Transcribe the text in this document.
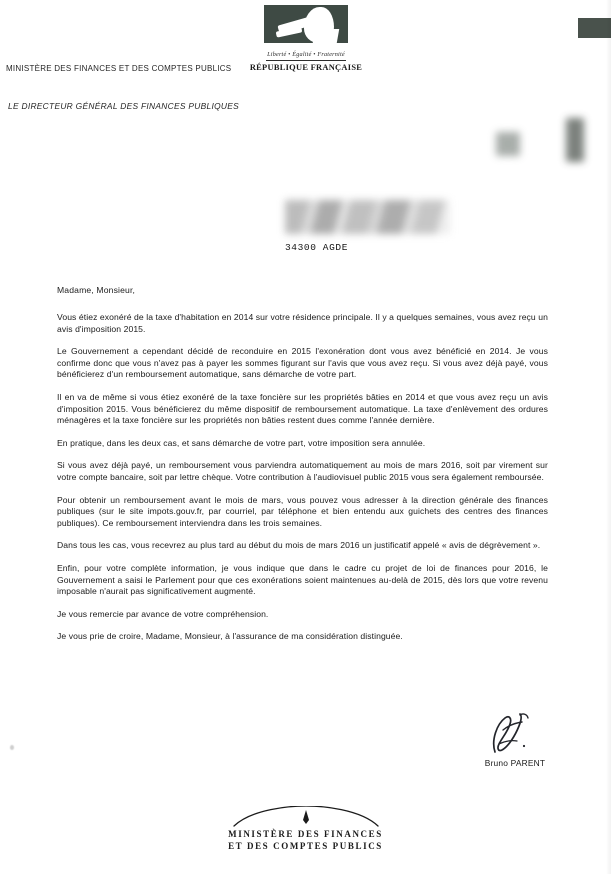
Liberté • Égalité • Fraternité
RÉPUBLIQUE FRANÇAISE
MINISTÈRE DES FINANCES ET DES COMPTES PUBLICS
LE DIRECTEUR GÉNÉRAL DES FINANCES PUBLIQUES
34300 AGDE

Madame, Monsieur,

Vous étiez exonéré de la taxe d'habitation en 2014 sur votre résidence principale. Il y a quelques semaines, vous avez reçu un avis d'imposition 2015.

Le Gouvernement a cependant décidé de reconduire en 2015 l'exonération dont vous avez bénéficié en 2014. Je vous confirme donc que vous n'avez pas à payer les sommes figurant sur l'avis que vous avez reçu. Si vous avez déjà payé, vous bénéficierez d'un remboursement automatique, sans démarche de votre part.

Il en va de même si vous étiez exonéré de la taxe foncière sur les propriétés bâties en 2014 et que vous avez reçu un avis d'imposition 2015. Vous bénéficierez du même dispositif de remboursement automatique. La taxe d'enlèvement des ordures ménagères et la taxe foncière sur les propriétés non bâties restent dues comme l'année dernière.

En pratique, dans les deux cas, et sans démarche de votre part, votre imposition sera annulée.

Si vous avez déjà payé, un remboursement vous parviendra automatiquement au mois de mars 2016, soit par virement sur votre compte bancaire, soit par lettre chèque. Votre contribution à l'audiovisuel public 2015 vous sera également remboursée.

Pour obtenir un remboursement avant le mois de mars, vous pouvez vous adresser à la direction générale des finances publiques (sur le site impots.gouv.fr, par courriel, par téléphone et bien entendu aux guichets des centres des finances publiques). Ce remboursement interviendra dans les trois semaines.

Dans tous les cas, vous recevrez au plus tard au début du mois de mars 2016 un justificatif appelé « avis de dégrèvement ».

Enfin, pour votre complète information, je vous indique que dans le cadre cu projet de loi de finances pour 2016, le Gouvernement a saisi le Parlement pour que ces exonérations soient maintenues au-delà de 2015, dès lors que votre revenu imposable n'aurait pas significativement augmenté.

Je vous remercie par avance de votre compréhension.

Je vous prie de croire, Madame, Monsieur, à l'assurance de ma considération distinguée.

Bruno PARENT
MINISTÈRE DES FINANCES
ET DES COMPTES PUBLICS
